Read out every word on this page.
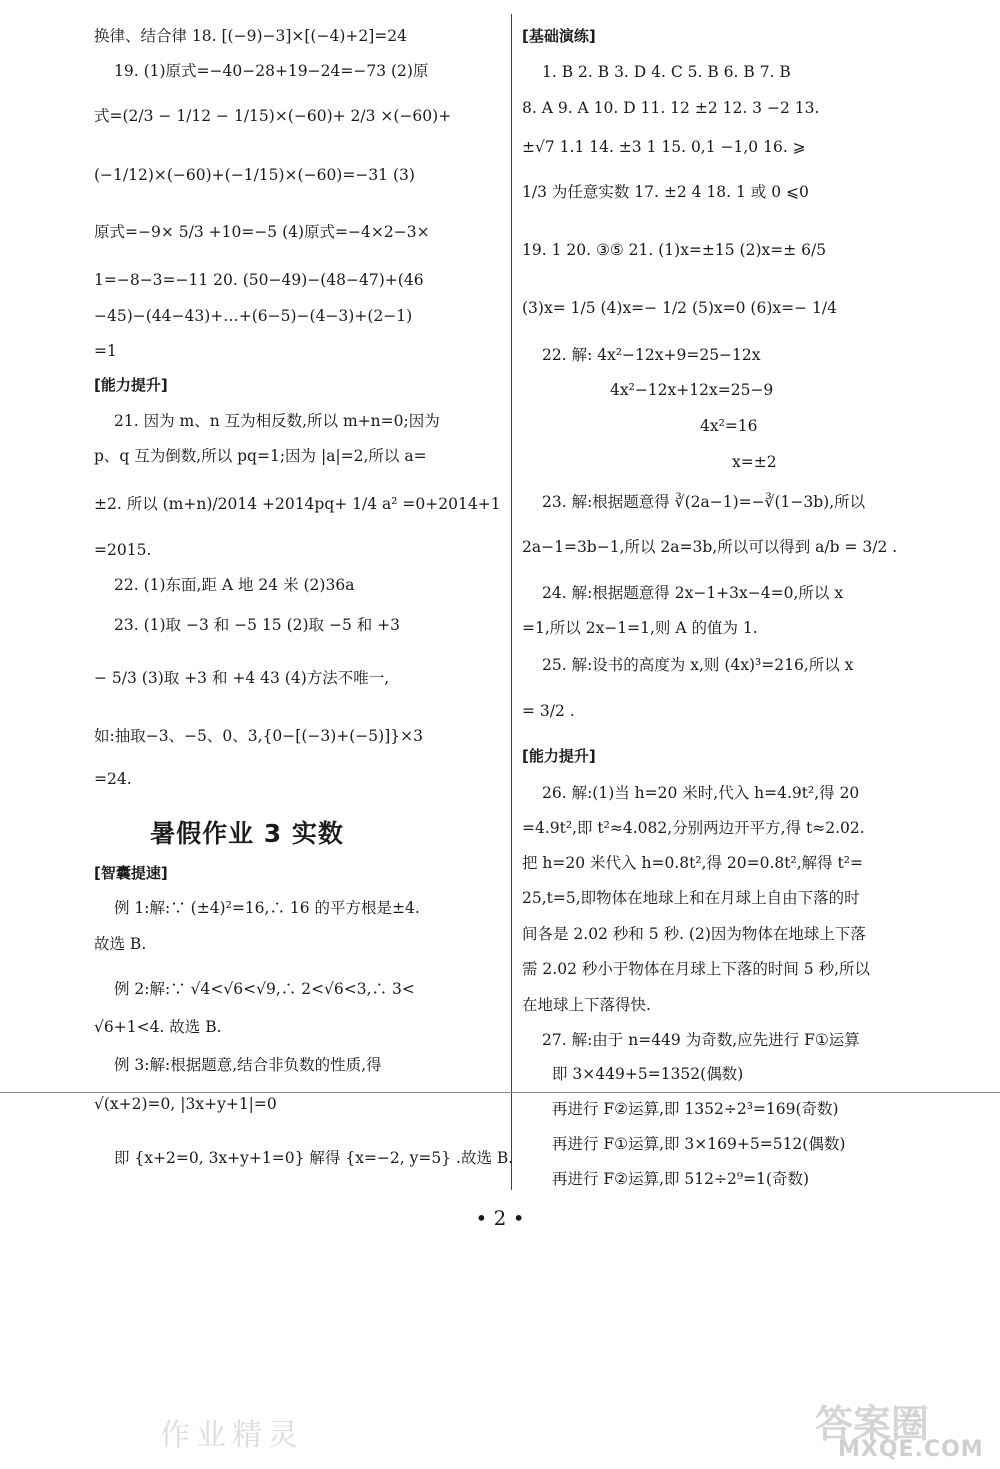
换律、结合律 18. [(−9)−3]×[(−4)+2]=24
19. (1)原式=−40−28+19−24=−73 (2)原
式=(2/3 − 1/12 − 1/15)×(−60)+ 2/3 ×(−60)+
(−1/12)×(−60)+(−1/15)×(−60)=−31 (3)
原式=−9× 5/3 +10=−5 (4)原式=−4×2−3×
1=−8−3=−11 20. (50−49)−(48−47)+(46
−45)−(44−43)+…+(6−5)−(4−3)+(2−1)
=1
[能力提升]
21. 因为 m、n 互为相反数,所以 m+n=0;因为
p、q 互为倒数,所以 pq=1;因为 |a|=2,所以 a=
±2. 所以 (m+n)/2014 +2014pq+ 1/4 a² =0+2014+1
=2015.
22. (1)东面,距 A 地 24 米 (2)36a
23. (1)取 −3 和 −5 15 (2)取 −5 和 +3
− 5/3 (3)取 +3 和 +4 43 (4)方法不唯一,
如:抽取−3、−5、0、3,{0−[(−3)+(−5)]}×3
=24.
[智囊提速]
例 1:解:∵ (±4)²=16,∴ 16 的平方根是±4.
故选 B.
例 2:解:∵ √4<√6<√9,∴ 2<√6<3,∴ 3<
√6+1<4. 故选 B.
例 3:解:根据题意,结合非负数的性质,得
√(x+2)=0, |3x+y+1|=0
即 {x+2=0, 3x+y+1=0} 解得 {x=−2, y=5} .故选 B.
暑假作业 3 实数
[基础演练]
1. B 2. B 3. D 4. C 5. B 6. B 7. B
8. A 9. A 10. D 11. 12 ±2 12. 3 −2 13.
±√7 1.1 14. ±3 1 15. 0,1 −1,0 16. ⩾
1/3 为任意实数 17. ±2 4 18. 1 或 0 ⩽0
19. 1 20. ③⑤ 21. (1)x=±15 (2)x=± 6/5
(3)x= 1/5 (4)x=− 1/2 (5)x=0 (6)x=− 1/4
22. 解: 4x²−12x+9=25−12x
4x²−12x+12x=25−9
4x²=16
x=±2
23. 解:根据题意得 ∛(2a−1)=−∛(1−3b),所以
2a−1=3b−1,所以 2a=3b,所以可以得到 a/b = 3/2 .
24. 解:根据题意得 2x−1+3x−4=0,所以 x
=1,所以 2x−1=1,则 A 的值为 1.
25. 解:设书的高度为 x,则 (4x)³=216,所以 x
= 3/2 .
[能力提升]
26. 解:(1)当 h=20 米时,代入 h=4.9t²,得 20
=4.9t²,即 t²≈4.082,分别两边开平方,得 t≈2.02.
把 h=20 米代入 h=0.8t²,得 20=0.8t²,解得 t²=
25,t=5,即物体在地球上和在月球上自由下落的时
间各是 2.02 秒和 5 秒. (2)因为物体在地球上下落
需 2.02 秒小于物体在月球上下落的时间 5 秒,所以
在地球上下落得快.
27. 解:由于 n=449 为奇数,应先进行 F①运算
即 3×449+5=1352(偶数)
再进行 F②运算,即 1352÷2³=169(奇数)
再进行 F①运算,即 3×169+5=512(偶数)
再进行 F②运算,即 512÷2⁹=1(奇数)
• 2 •
作业精灵	答案圈
MXQE.COM
